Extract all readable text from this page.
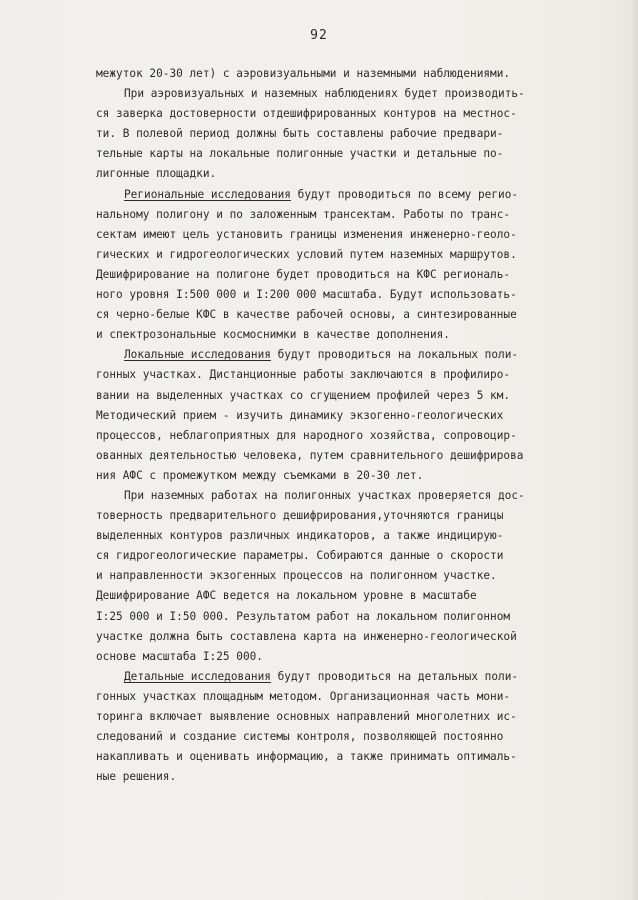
92
межуток 20-30 лет) с аэровизуальными и наземными наблюдениями.
При аэровизуальных и наземных наблюдениях будет производить-
ся заверка достоверности отдешифрированных контуров на местнос-
ти. В полевой период должны быть составлены рабочие предвари-
тельные карты на локальные полигонные участки и детальные по-
лигонные площадки.
Региональные исследования будут проводиться по всему регио-
нальному полигону и по заложенным трансектам. Работы по транс-
сектам имеют цель установить границы изменения инженерно-геоло-
гических и гидрогеологических условий путем наземных маршрутов.
Дешифрирование на полигоне будет проводиться на КФС региональ-
ного уровня I:500 000 и I:200 000 масштаба. Будут использовать-
ся черно-белые КФС в качестве рабочей основы, а синтезированные
и спектрозональные космоснимки в качестве дополнения.
Локальные исследования будут проводиться на локальных поли-
гонных участках. Дистанционные работы заключаются в профилиро-
вании на выделенных участках со сгущением профилей через 5 км.
Методический прием - изучить динамику экзогенно-геологических
процессов, неблагоприятных для народного хозяйства, сопровоцир-
ованных деятельностью человека, путем сравнительного дешифрирова
ния АФС с промежутком между съемками в 20-30 лет.
При наземных работах на полигонных участках проверяется дос-
товерность предварительного дешифрирования,уточняются границы
выделенных контуров различных индикаторов, а также индицирую-
ся гидрогеологические параметры. Собираются данные о скорости
и направленности экзогенных процессов на полигонном участке.
Дешифрирование АФС ведется на локальном уровне в масштабе
I:25 000 и I:50 000. Результатом работ на локальном полигонном
участке должна быть составлена карта на инженерно-геологической
основе масштаба I:25 000.
Детальные исследования будут проводиться на детальных поли-
гонных участках площадным методом. Организационная часть мони-
торинга включает выявление основных направлений многолетних ис-
следований и создание системы контроля, позволяющей постоянно
накапливать и оценивать информацию, а также принимать оптималь-
ные решения.
